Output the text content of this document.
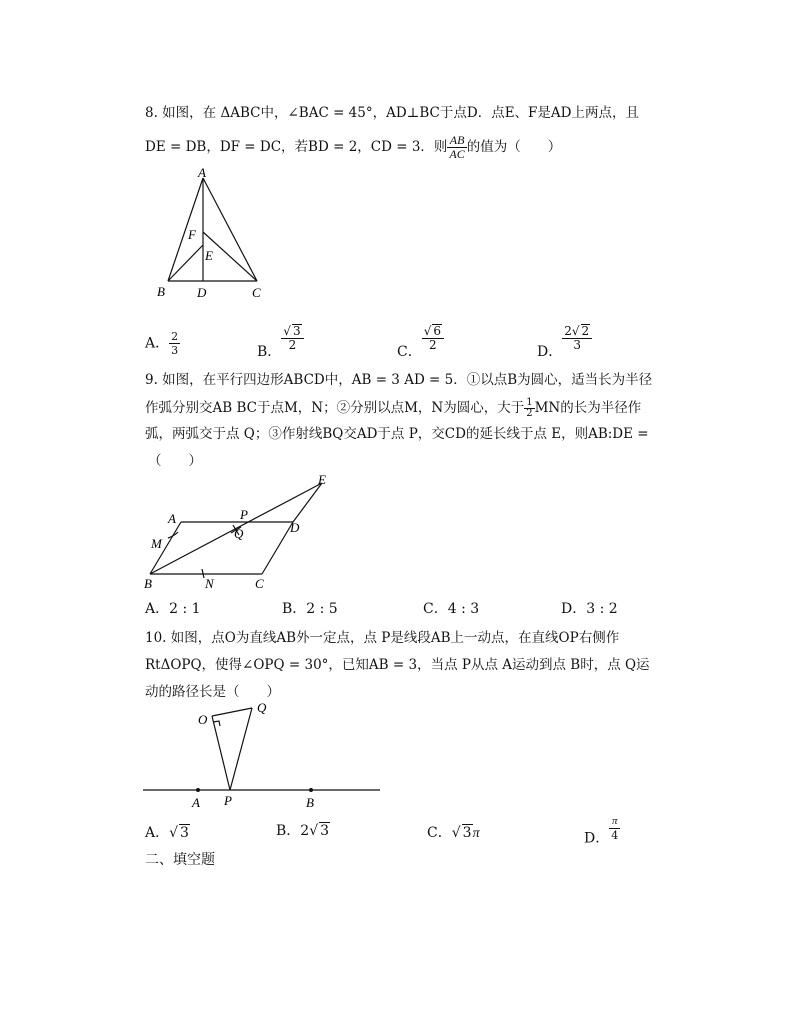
8. 如图，在 ΔABC中，∠BAC = 45°，AD⊥BC于点D．点E、F是AD上两点，且
DE = DB，DF = DC，若BD = 2，CD = 3．则 $\frac{AB}{AC}$ 的值为（　　）
A
B D	C
F
E
A． $\frac{2}{3}$	B． $\frac{√ 3}{2}$	C． $\frac{√ 6}{2}$	D． $\frac{2√ 2}{3}$
9. 如图，在平行四边形ABCD中，AB = 3 AD = 5．①以点B为圆心，适当长为半径
作弧分别交AB BC于点M，N；②分别以点M，N为圆心，大于 $\frac{1}{2}$ MN的长为半径作
弧，两弧交于点 Q；③作射线BQ交AD于点 P，交CD的延长线于点 E，则AB:DE =
（　　）
A	P
D
E
M
Q
B	N	C
A．2 : 1	B．2 : 5	C．4 : 3	D．3 : 2
10. 如图，点O为直线AB外一定点，点 P是线段AB上一动点，在直线OP右侧作
RtΔOPQ，使得∠OPQ = 30°，已知AB = 3，当点 P从点 A运动到点 B时，点 Q运
动的路径长是（　　）
O
Q
A P	B
A．√ 3	B．2√ 3	C．√ 3π	D． $\frac{\pi}{4}$
二、填空题
